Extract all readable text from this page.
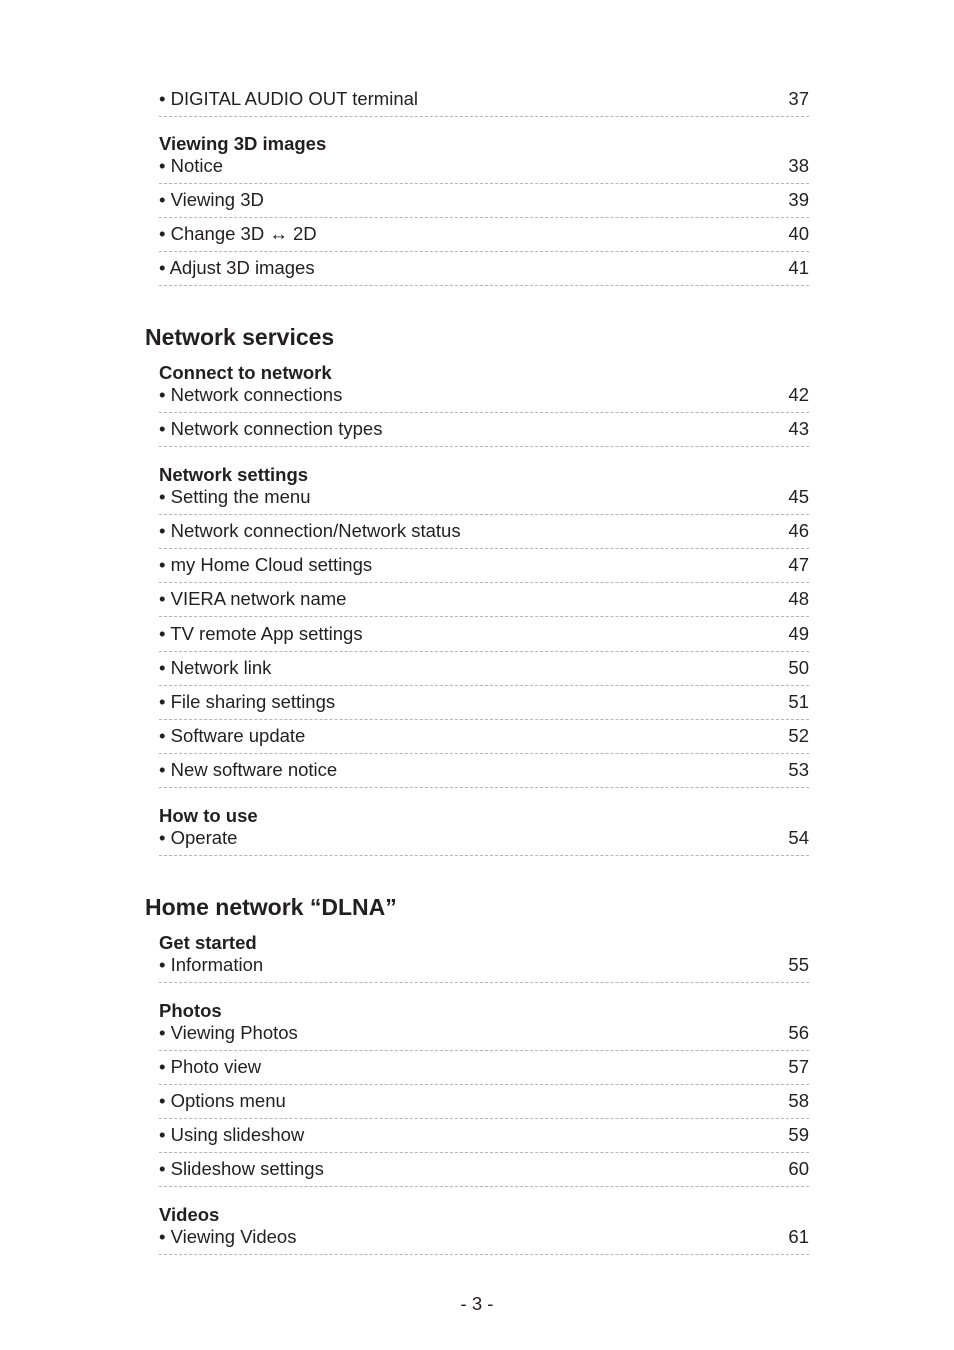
• DIGITAL AUDIO OUT terminal	37
Viewing 3D images
• Notice	38
• Viewing 3D	39
• Change 3D ↔ 2D	40
• Adjust 3D images	41
Network services
Connect to network
• Network connections	42
• Network connection types	43
Network settings
• Setting the menu	45
• Network connection/Network status	46
• my Home Cloud settings	47
• VIERA network name	48
• TV remote App settings	49
• Network link	50
• File sharing settings	51
• Software update	52
• New software notice	53
How to use
• Operate	54
Home network “DLNA”
Get started
• Information	55
Photos
• Viewing Photos	56
• Photo view	57
• Options menu	58
• Using slideshow	59
• Slideshow settings	60
Videos
• Viewing Videos	61
- 3 -
